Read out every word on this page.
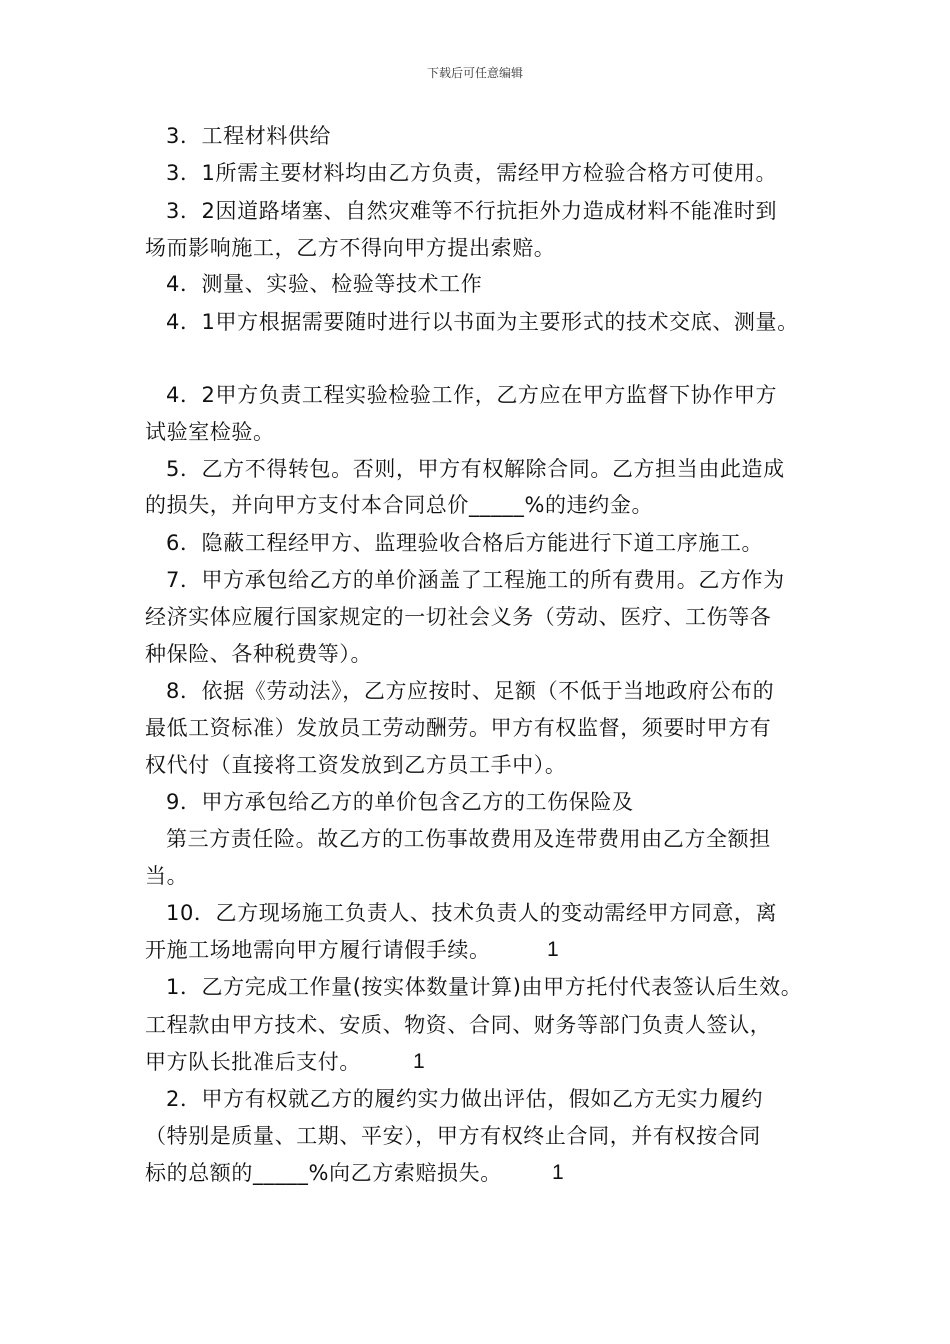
下载后可任意编辑
3．工程材料供给
3．1所需主要材料均由乙方负责，需经甲方检验合格方可使用。
3．2因道路堵塞、自然灾难等不行抗拒外力造成材料不能准时到
场而影响施工，乙方不得向甲方提出索赔。
4．测量、实验、检验等技术工作
4．1甲方根据需要随时进行以书面为主要形式的技术交底、测量。
4．2甲方负责工程实验检验工作，乙方应在甲方监督下协作甲方
试验室检验。
5．乙方不得转包。否则，甲方有权解除合同。乙方担当由此造成
的损失，并向甲方支付本合同总价_____%的违约金。
6．隐蔽工程经甲方、监理验收合格后方能进行下道工序施工。
7．甲方承包给乙方的单价涵盖了工程施工的所有费用。乙方作为
经济实体应履行国家规定的一切社会义务（劳动、医疗、工伤等各
种保险、各种税费等）。
8．依据《劳动法》，乙方应按时、足额（不低于当地政府公布的
最低工资标准）发放员工劳动酬劳。甲方有权监督，须要时甲方有
权代付（直接将工资发放到乙方员工手中）。
9．甲方承包给乙方的单价包含乙方的工伤保险及
第三方责任险。故乙方的工伤事故费用及连带费用由乙方全额担
当。
10．乙方现场施工负责人、技术负责人的变动需经甲方同意，离
开施工场地需向甲方履行请假手续。	1
1．乙方完成工作量(按实体数量计算)由甲方托付代表签认后生效。
工程款由甲方技术、安质、物资、合同、财务等部门负责人签认，
甲方队长批准后支付。 1
2．甲方有权就乙方的履约实力做出评估，假如乙方无实力履约
（特别是质量、工期、平安），甲方有权终止合同，并有权按合同
标的总额的_____%向乙方索赔损失。 1
